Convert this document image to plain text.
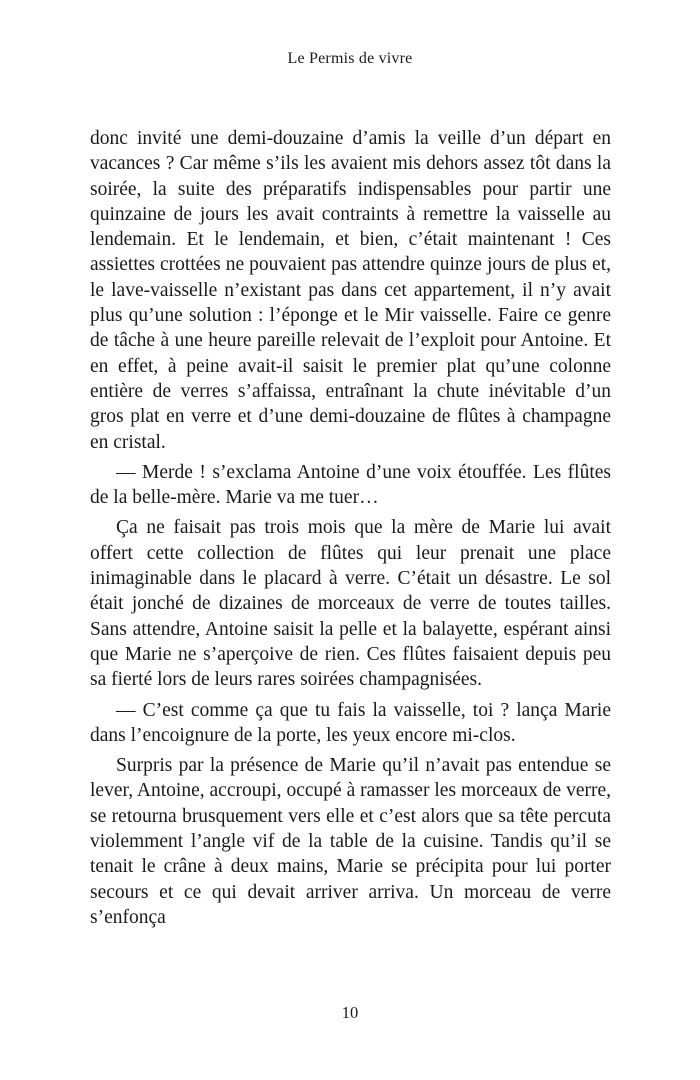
Le Permis de vivre

donc invité une demi-douzaine d’amis la veille d’un départ en vacances ? Car même s’ils les avaient mis dehors assez tôt dans la soirée, la suite des préparatifs indispensables pour partir une quinzaine de jours les avait contraints à remettre la vaisselle au lendemain. Et le lendemain, et bien, c’était maintenant ! Ces assiettes crottées ne pouvaient pas attendre quinze jours de plus et, le lave-vaisselle n’existant pas dans cet appartement, il n’y avait plus qu’une solution : l’éponge et le Mir vaisselle. Faire ce genre de tâche à une heure pareille relevait de l’exploit pour Antoine. Et en effet, à peine avait-il saisit le premier plat qu’une colonne entière de verres s’affaissa, entraînant la chute inévitable d’un gros plat en verre et d’une demi-douzaine de flûtes à champagne en cristal.

— Merde ! s’exclama Antoine d’une voix étouffée. Les flûtes de la belle-mère. Marie va me tuer…

Ça ne faisait pas trois mois que la mère de Marie lui avait offert cette collection de flûtes qui leur prenait une place inimaginable dans le placard à verre. C’était un désastre. Le sol était jonché de dizaines de morceaux de verre de toutes tailles. Sans attendre, Antoine saisit la pelle et la balayette, espérant ainsi que Marie ne s’aperçoive de rien. Ces flûtes faisaient depuis peu sa fierté lors de leurs rares soirées champagnisées.

— C’est comme ça que tu fais la vaisselle, toi ? lança Marie dans l’encoignure de la porte, les yeux encore mi-clos.

Surpris par la présence de Marie qu’il n’avait pas entendue se lever, Antoine, accroupi, occupé à ramasser les morceaux de verre, se retourna brusquement vers elle et c’est alors que sa tête percuta violemment l’angle vif de la table de la cuisine. Tandis qu’il se tenait le crâne à deux mains, Marie se précipita pour lui porter secours et ce qui devait arriver arriva. Un morceau de verre s’enfonça

10
